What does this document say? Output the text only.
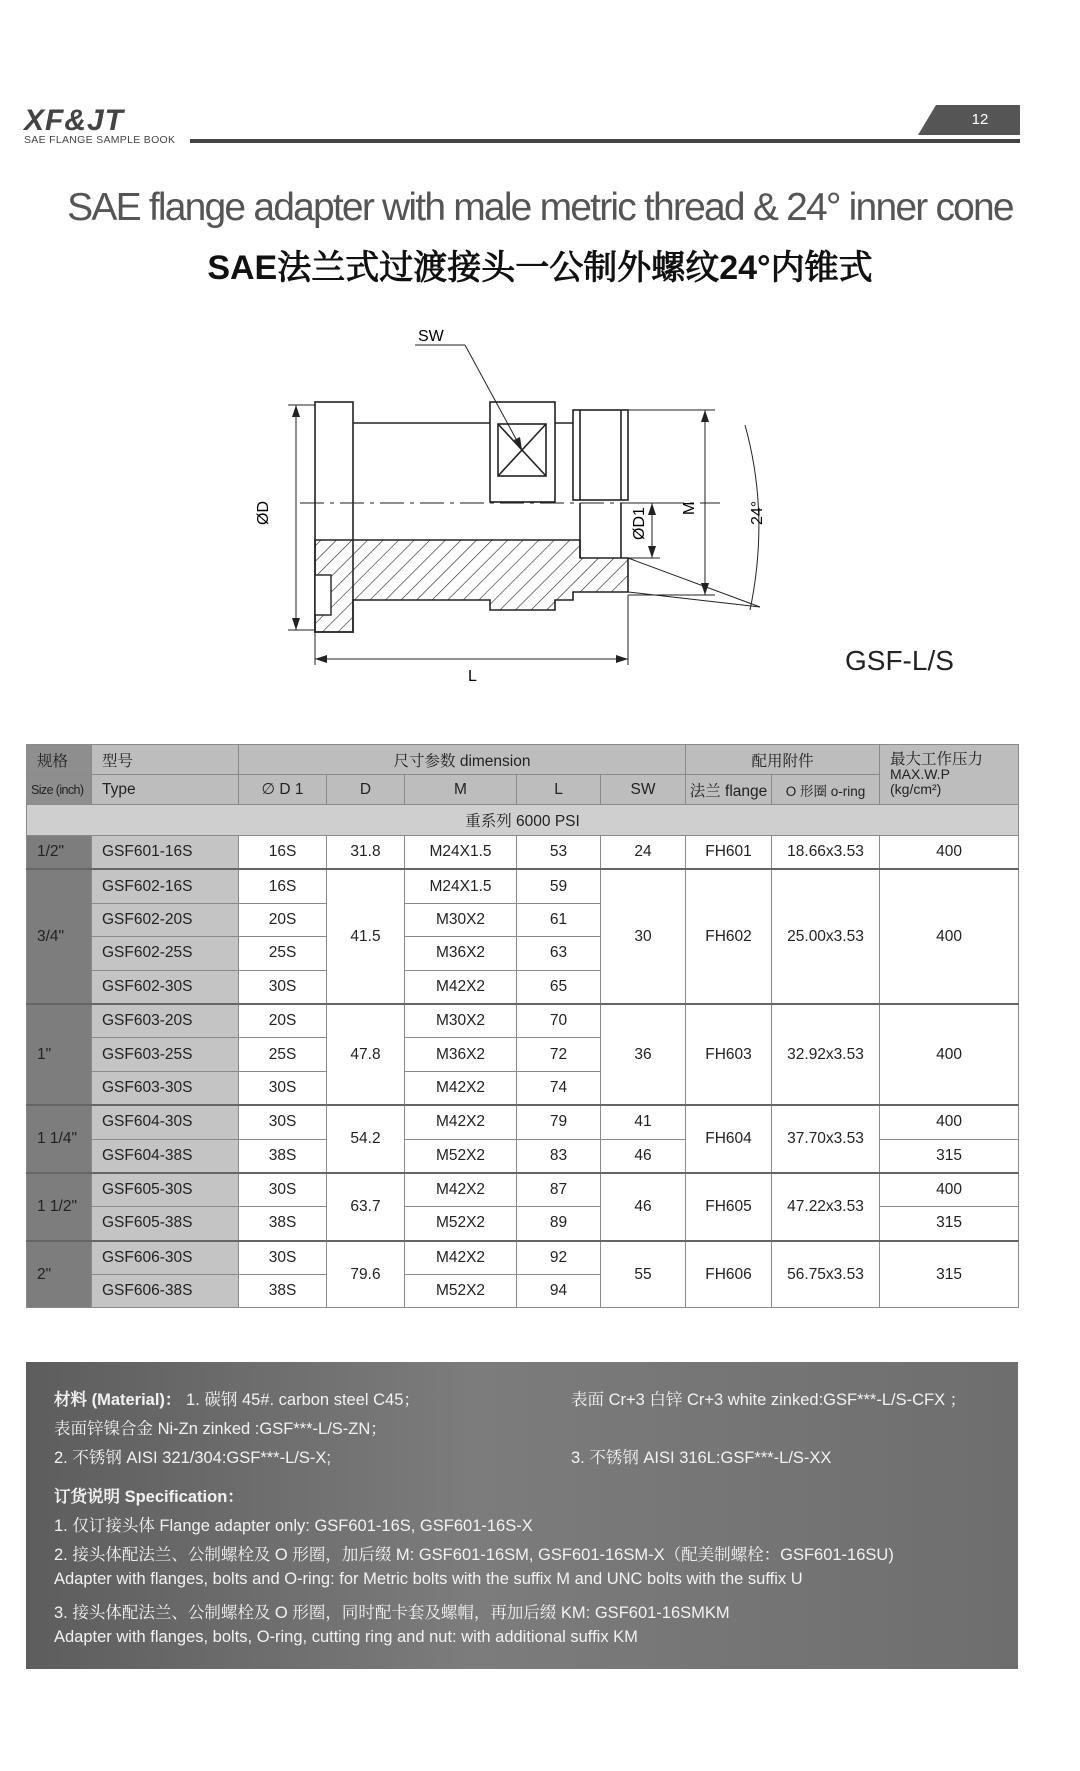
XF&JT
SAE FLANGE SAMPLE BOOK
12
SAE flange adapter with male metric thread & 24° inner cone
SAE法兰式过渡接头一公制外螺纹24°内锥式
SW
ØD	ØD1 M	24°
L
GSF-L/S
规格	型号	尺寸参数 dimension					配用附件		最大工作压力
MAX.W.P
(kg/cm²)

Size (inch)	Type	∅ D 1	D	M	L	SW	法兰 flange	O 形圈 o-ring	
重系列 6000 PSI									
1/2"	GSF601-16S	16S	31.8	M24X1.5	53	24	FH601	18.66x3.53	400
3/4"	GSF602-16S	16S	41.5	M24X1.5	59	30	FH602	25.00x3.53	400
	GSF602-20S	20S		M30X2	61				
	GSF602-25S	25S		M36X2	63				
	GSF602-30S	30S		M42X2	65				
1"	GSF603-20S	20S	47.8	M30X2	70	36	FH603	32.92x3.53	400
	GSF603-25S	25S		M36X2	72				
	GSF603-30S	30S		M42X2	74				
1 1/4"	GSF604-30S	30S	54.2	M42X2	79	41	FH604	37.70x3.53	400
	GSF604-38S	38S		M52X2	83	46			315
1 1/2"	GSF605-30S	30S	63.7	M42X2	87	46	FH605	47.22x3.53	400
	GSF605-38S	38S		M52X2	89				315
2"	GSF606-30S	30S	79.6	M42X2	92	55	FH606	56.75x3.53	315
	GSF606-38S	38S		M52X2	94				
材料 (Material)： 1. 碳钢 45#. carbon steel C45；	表面 Cr+3 白锌 Cr+3 white zinked:GSF***-L/S-CFX ；
表面锌镍合金 Ni-Zn zinked :GSF***-L/S-ZN；
2. 不锈钢 AISI 321/304:GSF***-L/S-X;	3. 不锈钢 AISI 316L:GSF***-L/S-XX
订货说明 Specification：
1. 仅订接头体 Flange adapter only: GSF601-16S, GSF601-16S-X
2. 接头体配法兰、公制螺栓及 O 形圈，加后缀 M: GSF601-16SM, GSF601-16SM-X（配美制螺栓：GSF601-16SU)
Adapter with flanges, bolts and O-ring: for Metric bolts with the suffix M and UNC bolts with the suffix U
3. 接头体配法兰、公制螺栓及 O 形圈，同时配卡套及螺帽，再加后缀 KM: GSF601-16SMKM
Adapter with flanges, bolts, O-ring, cutting ring and nut: with additional suffix KM
